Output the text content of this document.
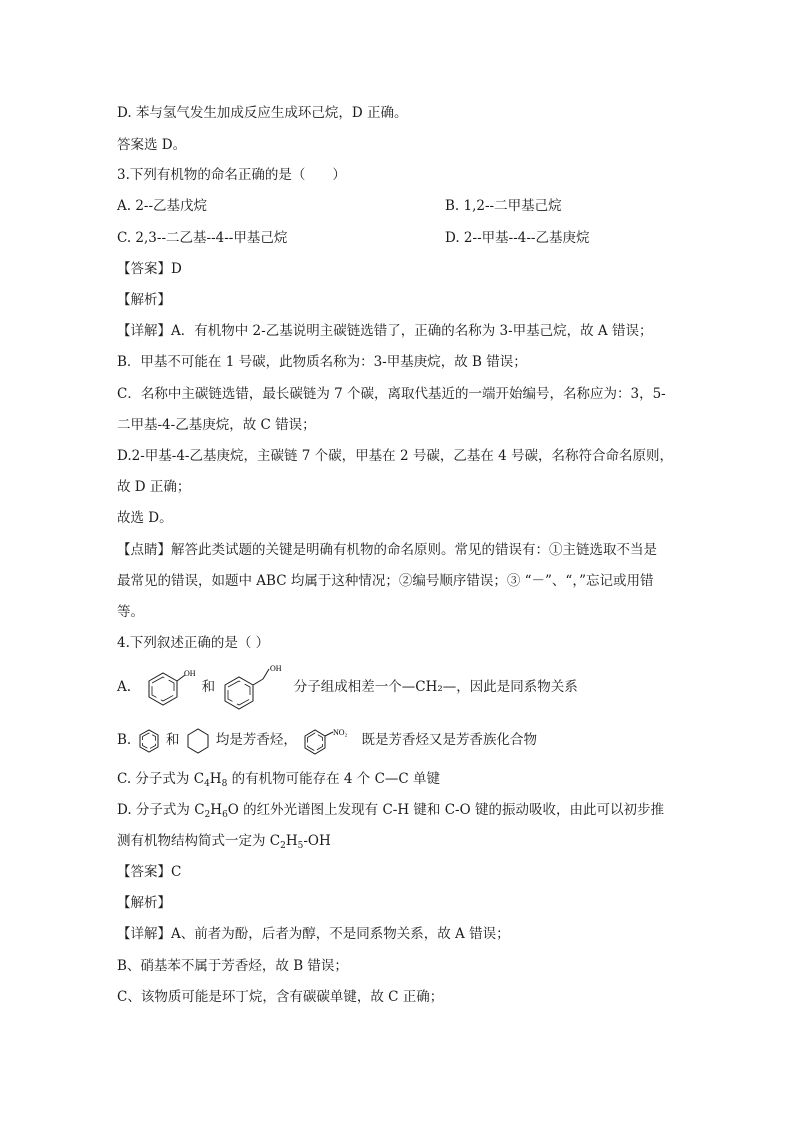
D. 苯与氢气发生加成反应生成环己烷，D 正确。
答案选 D。
3.下列有机物的命名正确的是（　　）
A. 2--乙基戊烷	B. 1,2--二甲基己烷
C. 2,3--二乙基--4--甲基己烷	D. 2--甲基--4--乙基庚烷
【答案】D
【解析】
【详解】A．有机物中 2-乙基说明主碳链选错了，正确的名称为 3-甲基己烷，故 A 错误；
B．甲基不可能在 1 号碳，此物质名称为：3-甲基庚烷，故 B 错误；
C．名称中主碳链选错，最长碳链为 7 个碳，离取代基近的一端开始编号，名称应为：3，5-
二甲基-4-乙基庚烷，故 C 错误；
D.2-甲基-4-乙基庚烷，主碳链 7 个碳，甲基在 2 号碳，乙基在 4 号碳，名称符合命名原则，
故 D 正确；
故选 D。
【点睛】解答此类试题的关键是明确有机物的命名原则。常见的错误有：①主链选取不当是
最常见的错误，如题中 ABC 均属于这种情况；②编号顺序错误；③ “－”、“，”忘记或用错
等。
4.下列叙述正确的是（ ）
A.
OH
和
OH
分子组成相差一个—CH₂—，因此是同系物关系
B.	和	均是芳香烃，	NO₂ 既是芳香烃又是芳香族化合物
C. 分子式为 $C_4H_8$ 的有机物可能存在 4 个 C—C 单键
D. 分子式为 $C_2H_6O$ 的红外光谱图上发现有 C-H 键和 C-O 键的振动吸收，由此可以初步推
测有机物结构简式一定为 $C_2H_5-OH$
【答案】C
【解析】
【详解】A、前者为酚，后者为醇，不是同系物关系，故 A 错误；
B、硝基苯不属于芳香烃，故 B 错误；
C、该物质可能是环丁烷，含有碳碳单键，故 C 正确；
